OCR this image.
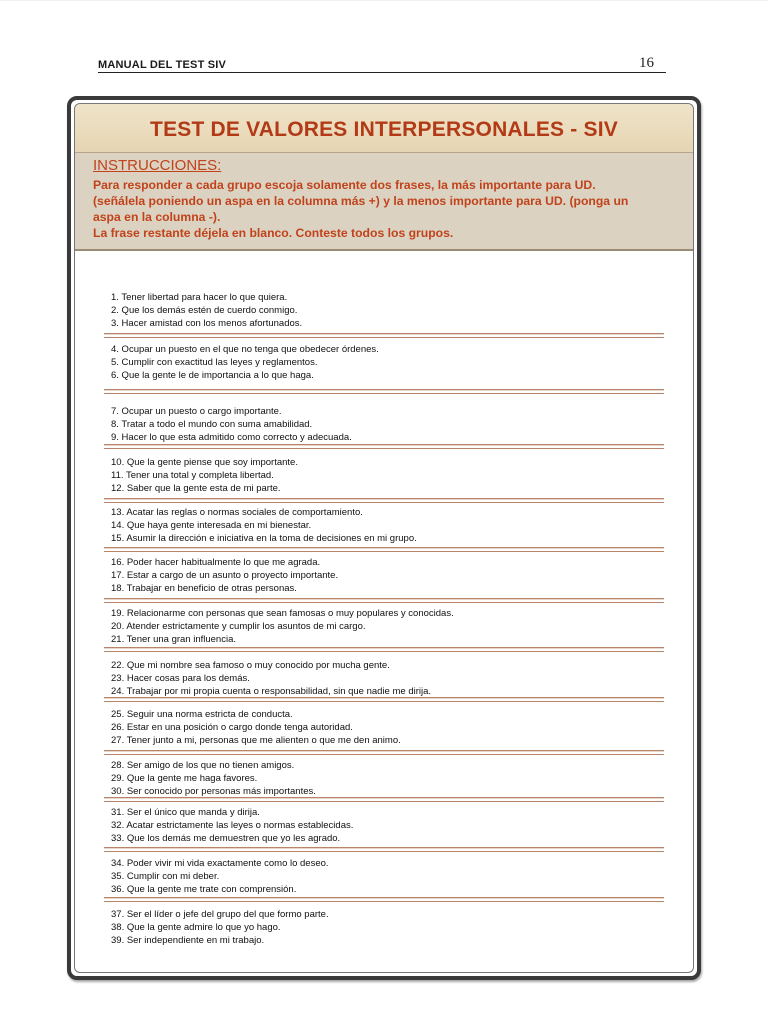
MANUAL DEL TEST SIV	16
TEST DE VALORES INTERPERSONALES - SIV
INSTRUCCIONES:
Para responder a cada grupo escoja solamente dos frases, la más importante para UD.
(señálela poniendo un aspa en la columna más +) y la menos importante para UD. (ponga un
aspa en la columna -).
La frase restante déjela en blanco. Conteste todos los grupos.
1. Tener libertad para hacer lo que quiera.
2. Que los demás estén de cuerdo conmigo.
3. Hacer amistad con los menos afortunados.
4. Ocupar un puesto en el que no tenga que obedecer órdenes.
5. Cumplir con exactitud las leyes y reglamentos.
6. Que la gente le de importancia a lo que haga.
7. Ocupar un puesto o cargo importante.
8. Tratar a todo el mundo con suma amabilidad.
9. Hacer lo que esta admitido como correcto y adecuada.
10. Que la gente piense que soy importante.
11. Tener una total y completa libertad.
12. Saber que la gente esta de mi parte.
13. Acatar las reglas o normas sociales de comportamiento.
14. Que haya gente interesada en mi bienestar.
15. Asumir la dirección e iniciativa en la toma de decisiones en mi grupo.
16. Poder hacer habitualmente lo que me agrada.
17. Estar a cargo de un asunto o proyecto importante.
18. Trabajar en beneficio de otras personas.
19. Relacionarme con personas que sean famosas o muy populares y conocidas.
20. Atender estrictamente y cumplir los asuntos de mi cargo.
21. Tener una gran influencia.
22. Que mi nombre sea famoso o muy conocido por mucha gente.
23. Hacer cosas para los demás.
24. Trabajar por mi propia cuenta o responsabilidad, sin que nadie me dirija.
25. Seguir una norma estricta de conducta.
26. Estar en una posición o cargo donde tenga autoridad.
27. Tener junto a mi, personas que me alienten o que me den animo.
28. Ser amigo de los que no tienen amigos.
29. Que la gente me haga favores.
30. Ser conocido por personas más importantes.
31. Ser el único que manda y dirija.
32. Acatar estrictamente las leyes o normas establecidas.
33. Que los demás me demuestren que yo les agrado.
34. Poder vivir mi vida exactamente como lo deseo.
35. Cumplir con mi deber.
36. Que la gente me trate con comprensión.
37. Ser el líder o jefe del grupo del que formo parte.
38. Que la gente admire lo que yo hago.
39. Ser independiente en mi trabajo.
